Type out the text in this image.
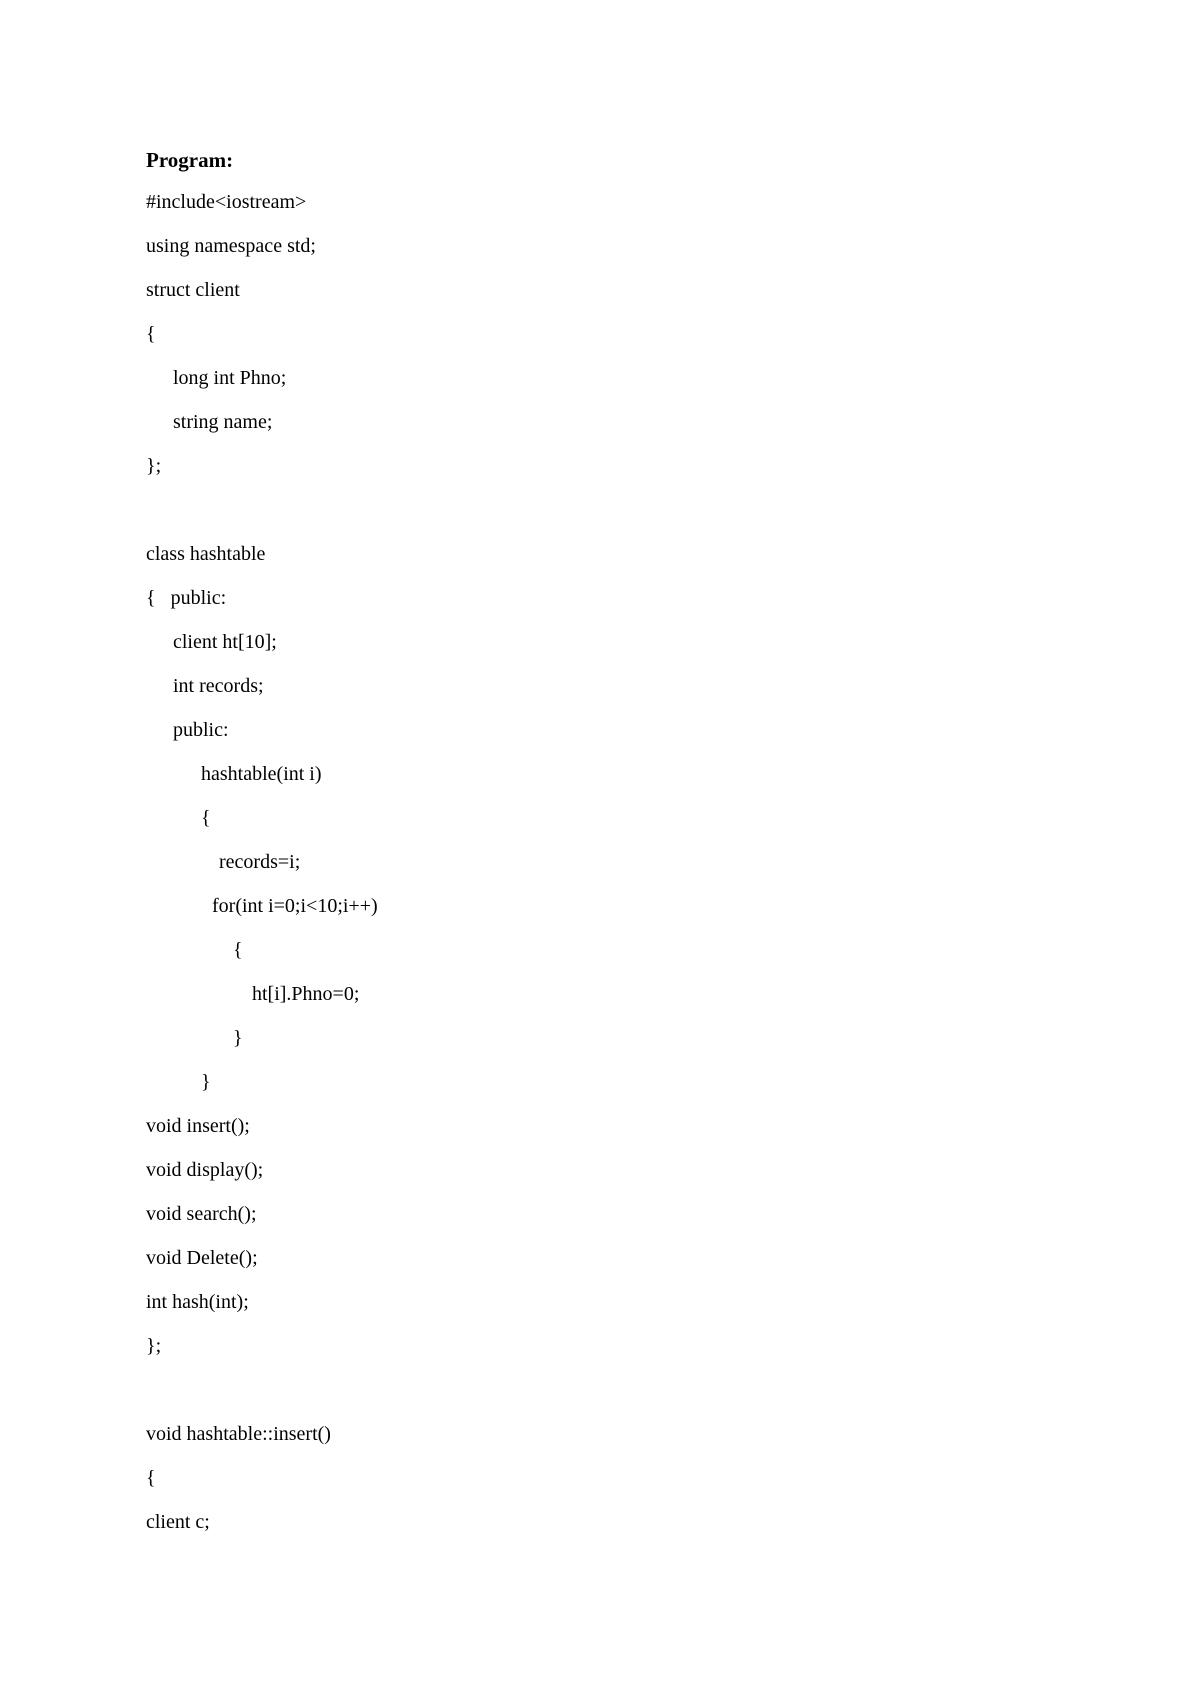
Program:
#include<iostream>
using namespace std;
struct client
{
long int Phno;
string name;
};
class hashtable
{   public:
client ht[10];
int records;
public:
hashtable(int i)
{
records=i;
for(int i=0;i<10;i++)
{
ht[i].Phno=0;
}
}
void insert();
void display();
void search();
void Delete();
int hash(int);
};
void hashtable::insert()
{
client c;
